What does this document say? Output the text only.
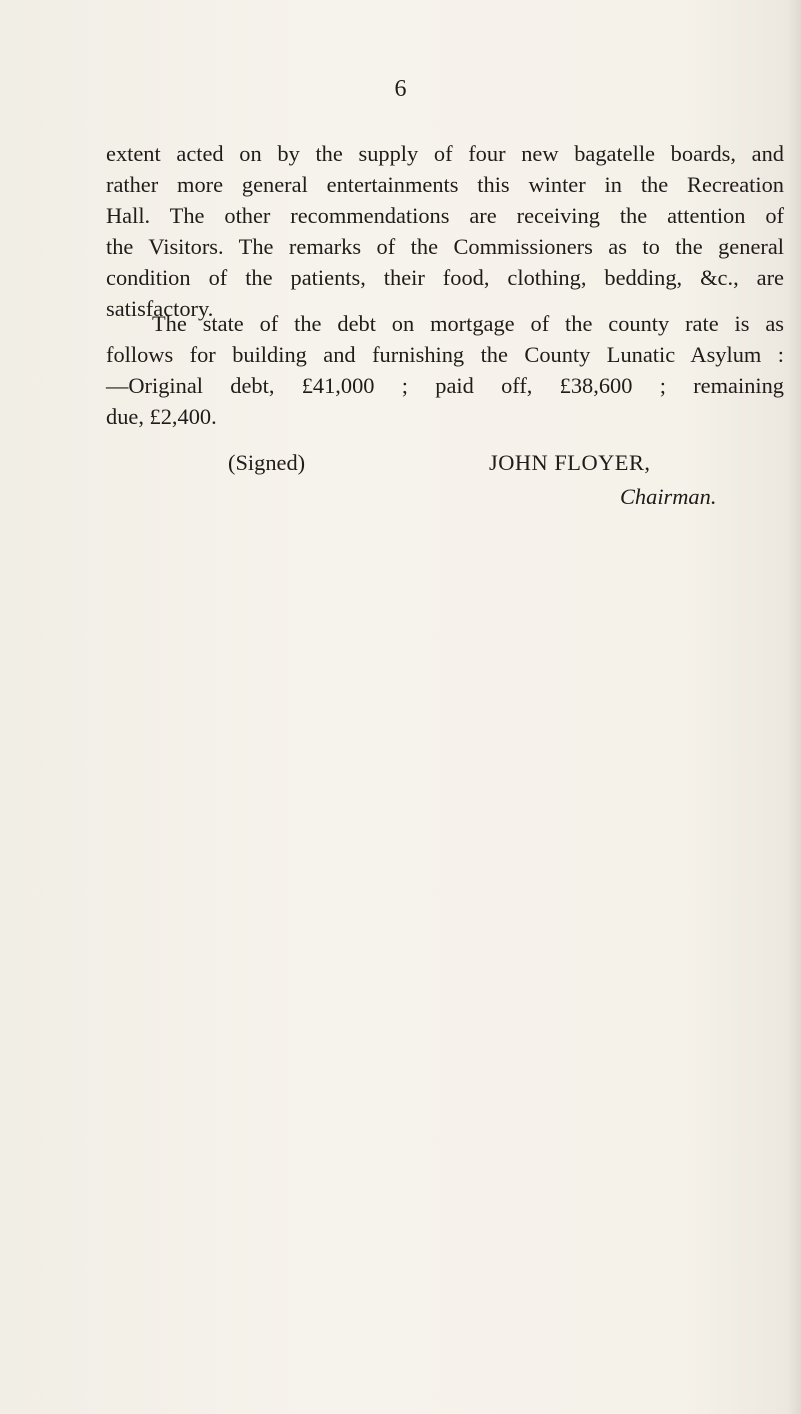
6

extent acted on by the supply of four new bagatelle boards, and
rather more general entertainments this winter in the Recreation
Hall. The other recommendations are receiving the attention of
the Visitors. The remarks of the Commissioners as to the general
condition of the patients, their food, clothing, bedding, &c., are
satisfactory.

The state of the debt on mortgage of the county rate is as
follows for building and furnishing the County Lunatic Asylum :
—Original debt, £41,000 ; paid off, £38,600 ; remaining
due, £2,400.

(Signed)	JOHN FLOYER,
Chairman.
